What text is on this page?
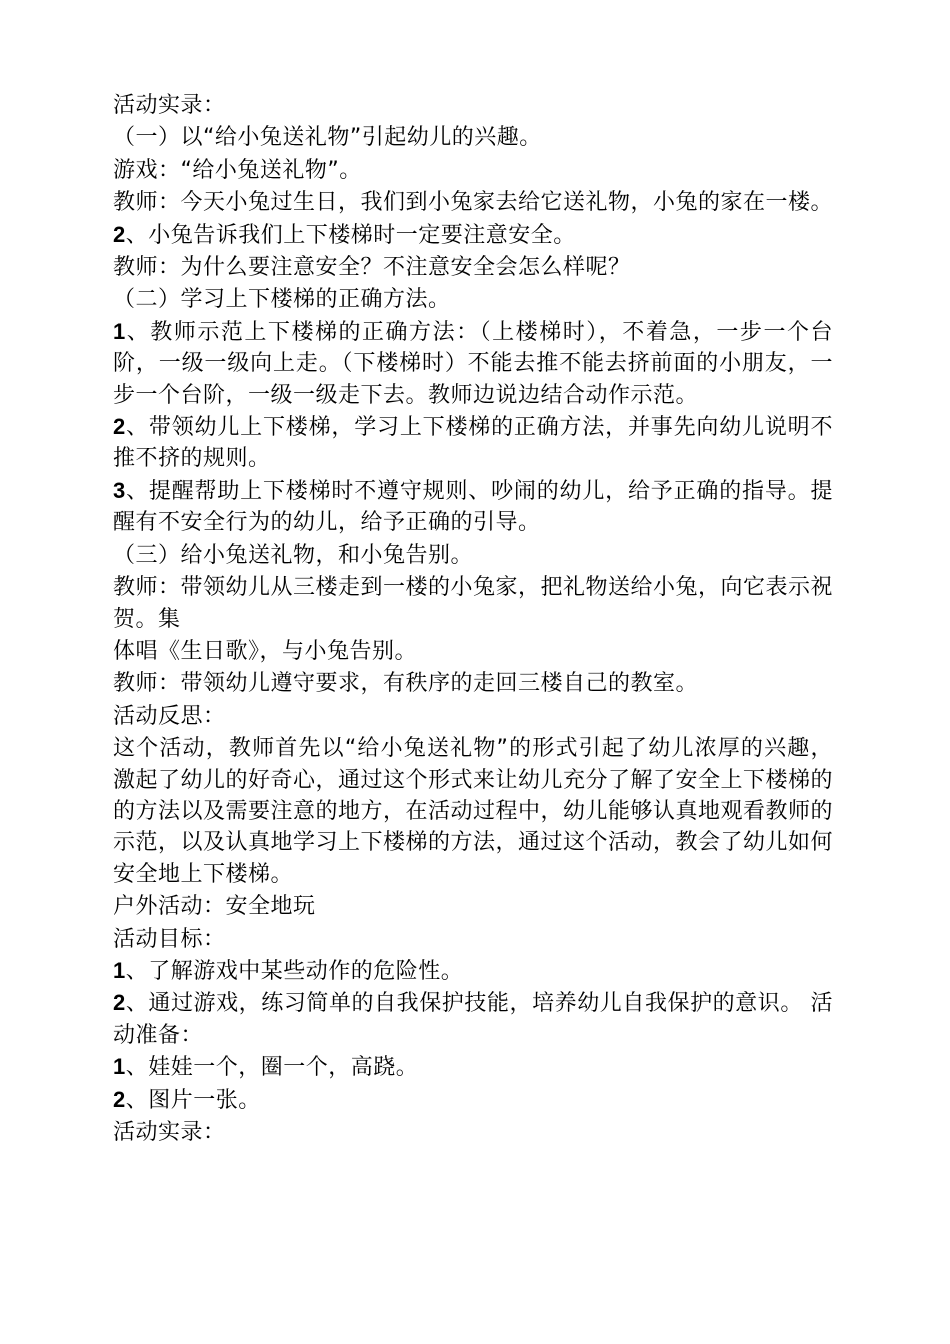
活动实录：

（一）以“给小兔送礼物”引起幼儿的兴趣。

游戏：“给小兔送礼物”。

教师：今天小兔过生日，我们到小兔家去给它送礼物，小兔的家在一楼。

2、小兔告诉我们上下楼梯时一定要注意安全。

教师：为什么要注意安全？不注意安全会怎么样呢？

（二）学习上下楼梯的正确方法。

1、教师示范上下楼梯的正确方法：（上楼梯时），不着急，一步一个台阶，一级一级向上走。（下楼梯时）不能去推不能去挤前面的小朋友，一步一个台阶，一级一级走下去。教师边说边结合动作示范。

2、带领幼儿上下楼梯，学习上下楼梯的正确方法，并事先向幼儿说明不推不挤的规则。

3、提醒帮助上下楼梯时不遵守规则、吵闹的幼儿，给予正确的指导。提醒有不安全行为的幼儿，给予正确的引导。

（三）给小兔送礼物，和小兔告别。

教师：带领幼儿从三楼走到一楼的小兔家，把礼物送给小兔，向它表示祝贺。集

体唱《生日歌》，与小兔告别。

教师：带领幼儿遵守要求，有秩序的走回三楼自己的教室。

活动反思：

这个活动，教师首先以“给小兔送礼物”的形式引起了幼儿浓厚的兴趣，激起了幼儿的好奇心，通过这个形式来让幼儿充分了解了安全上下楼梯的的方法以及需要注意的地方，在活动过程中，幼儿能够认真地观看教师的示范，以及认真地学习上下楼梯的方法，通过这个活动，教会了幼儿如何安全地上下楼梯。

户外活动：安全地玩

活动目标：

1、了解游戏中某些动作的危险性。

2、通过游戏，练习简单的自我保护技能，培养幼儿自我保护的意识。 活动准备：

1、娃娃一个，圈一个，高跷。

2、图片一张。

活动实录：
